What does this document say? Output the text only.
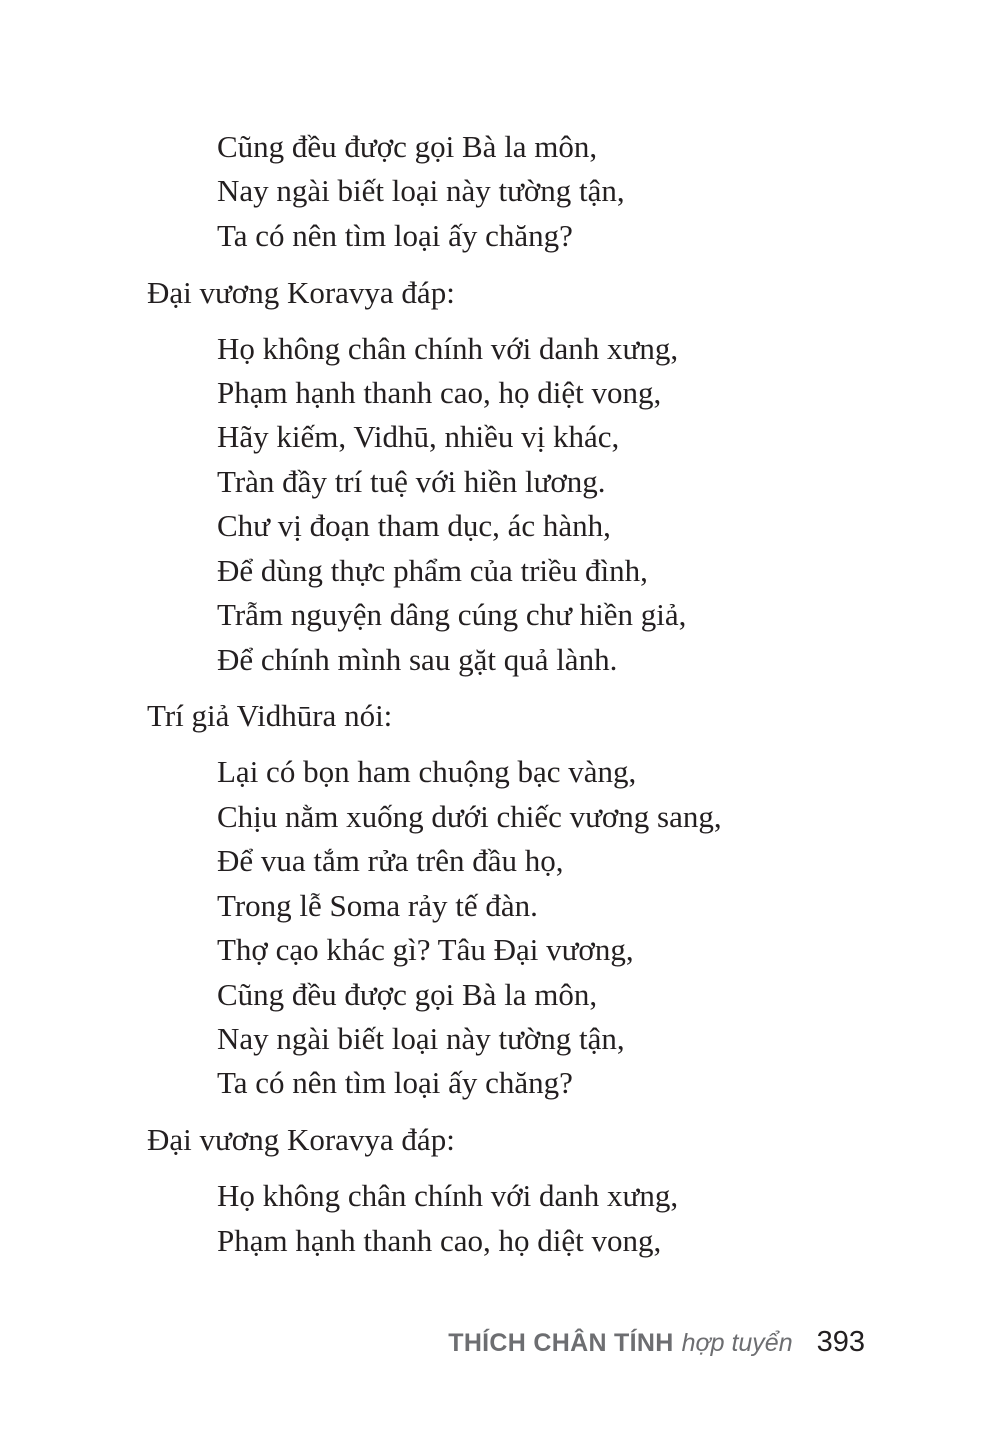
Cũng đều được gọi Bà la môn,
Nay ngài biết loại này tường tận,
Ta có nên tìm loại ấy chăng?
Đại vương Koravya đáp:
Họ không chân chính với danh xưng,
Phạm hạnh thanh cao, họ diệt vong,
Hãy kiếm, Vidhū, nhiều vị khác,
Tràn đầy trí tuệ với hiền lương.
Chư vị đoạn tham dục, ác hành,
Để dùng thực phẩm của triều đình,
Trẫm nguyện dâng cúng chư hiền giả,
Để chính mình sau gặt quả lành.
Trí giả Vidhūra nói:
Lại có bọn ham chuộng bạc vàng,
Chịu nằm xuống dưới chiếc vương sang,
Để vua tắm rửa trên đầu họ,
Trong lễ Soma rảy tế đàn.
Thợ cạo khác gì? Tâu Đại vương,
Cũng đều được gọi Bà la môn,
Nay ngài biết loại này tường tận,
Ta có nên tìm loại ấy chăng?
Đại vương Koravya đáp:
Họ không chân chính với danh xưng,
Phạm hạnh thanh cao, họ diệt vong,
THÍCH CHÂN TÍNH hợp tuyển 393
